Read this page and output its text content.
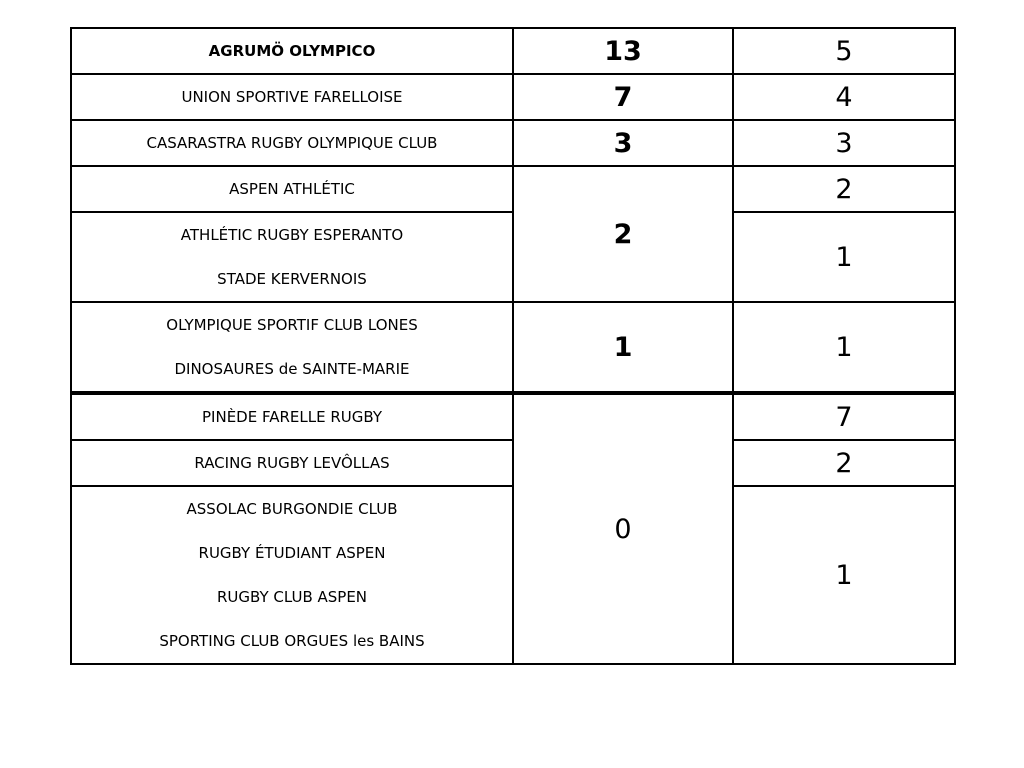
AGRUMÖ OLYMPICO	13	5
UNION SPORTIVE FARELLOISE	7	4
CASARASTRA RUGBY OLYMPIQUE CLUB	3	3
ASPEN ATHLÉTIC	2	2
ATHLÉTIC RUGBY ESPERANTO		1
STADE KERVERNOIS		
OLYMPIQUE SPORTIF CLUB LONES	1	1
DINOSAURES de SAINTE-MARIE		
PINÈDE FARELLE RUGBY	0	7
RACING RUGBY LEVÔLLAS		2
ASSOLAC BURGONDIE CLUB		1
RUGBY ÉTUDIANT ASPEN		
RUGBY CLUB ASPEN		
SPORTING CLUB ORGUES les BAINS		
